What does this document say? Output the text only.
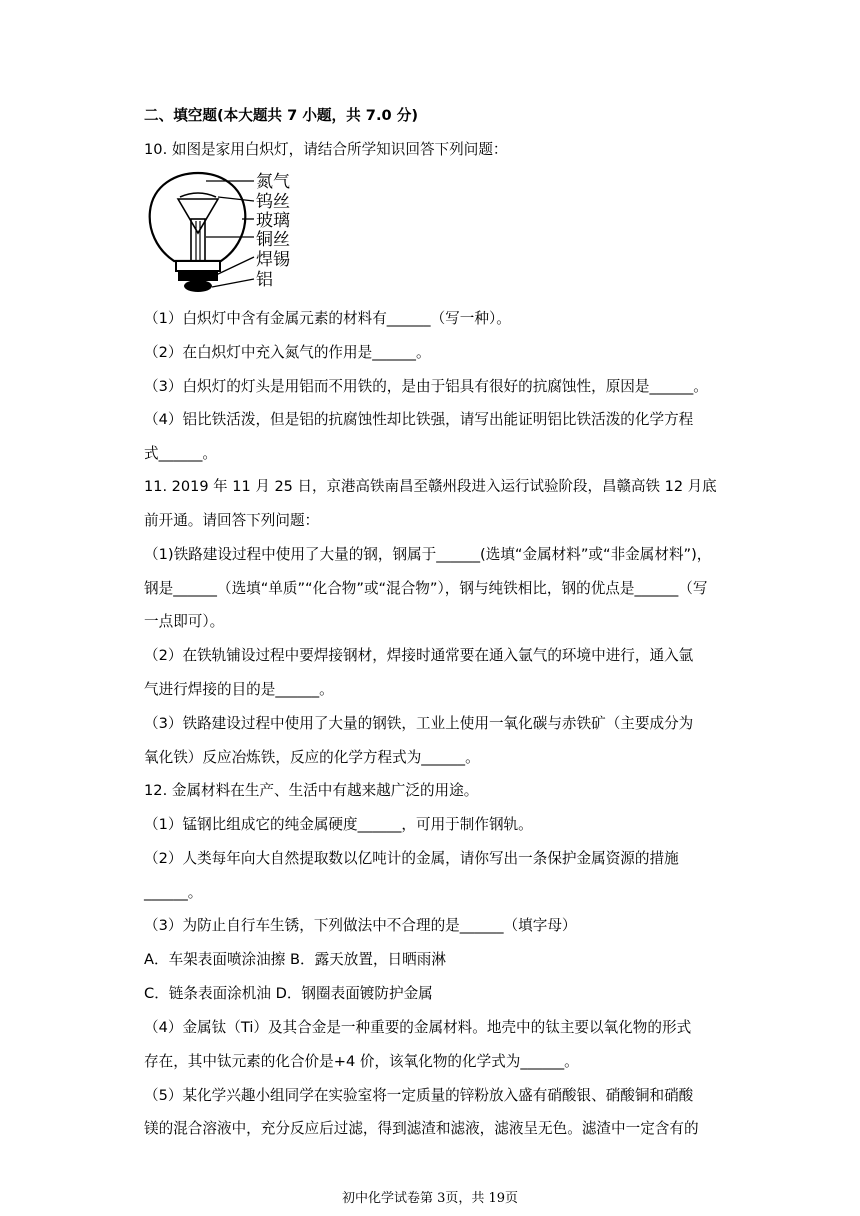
二、填空题(本大题共 7 小题，共 7.0 分)
10. 如图是家用白炽灯，请结合所学知识回答下列问题：
氮气
钨丝
玻璃
铜丝
焊锡
铝
（1）白炽灯中含有金属元素的材料有______（写一种）。
（2）在白炽灯中充入氮气的作用是______。
（3）白炽灯的灯头是用铝而不用铁的，是由于铝具有很好的抗腐蚀性，原因是______。
（4）铝比铁活泼，但是铝的抗腐蚀性却比铁强，请写出能证明铝比铁活泼的化学方程
式______。
11. 2019 年 11 月 25 日，京港高铁南昌至赣州段进入运行试验阶段，昌赣高铁 12 月底
前开通。请回答下列问题：
（1)铁路建设过程中使用了大量的钢，钢属于______(选填“金属材料”或“非金属材料”)，
钢是______（选填“单质”“化合物”或“混合物”），钢与纯铁相比，钢的优点是______（写
一点即可）。
（2）在铁轨铺设过程中要焊接钢材，焊接时通常要在通入氩气的环境中进行，通入氩
气进行焊接的目的是______。
（3）铁路建设过程中使用了大量的钢铁，工业上使用一氧化碳与赤铁矿（主要成分为
氧化铁）反应冶炼铁，反应的化学方程式为______。
12. 金属材料在生产、生活中有越来越广泛的用途。
（1）锰钢比组成它的纯金属硬度______，可用于制作钢轨。
（2）人类每年向大自然提取数以亿吨计的金属，请你写出一条保护金属资源的措施
______。
（3）为防止自行车生锈，下列做法中不合理的是______（填字母）
A．车架表面喷涂油擦 B．露天放置，日晒雨淋
C．链条表面涂机油 D．钢圈表面镀防护金属
（4）金属钛（Ti）及其合金是一种重要的金属材料。地壳中的钛主要以氧化物的形式
存在，其中钛元素的化合价是+4 价，该氧化物的化学式为______。
（5）某化学兴趣小组同学在实验室将一定质量的锌粉放入盛有硝酸银、硝酸铜和硝酸
镁的混合溶液中，充分反应后过滤，得到滤渣和滤液，滤液呈无色。滤渣中一定含有的
初中化学试卷第 3页，共 19页
